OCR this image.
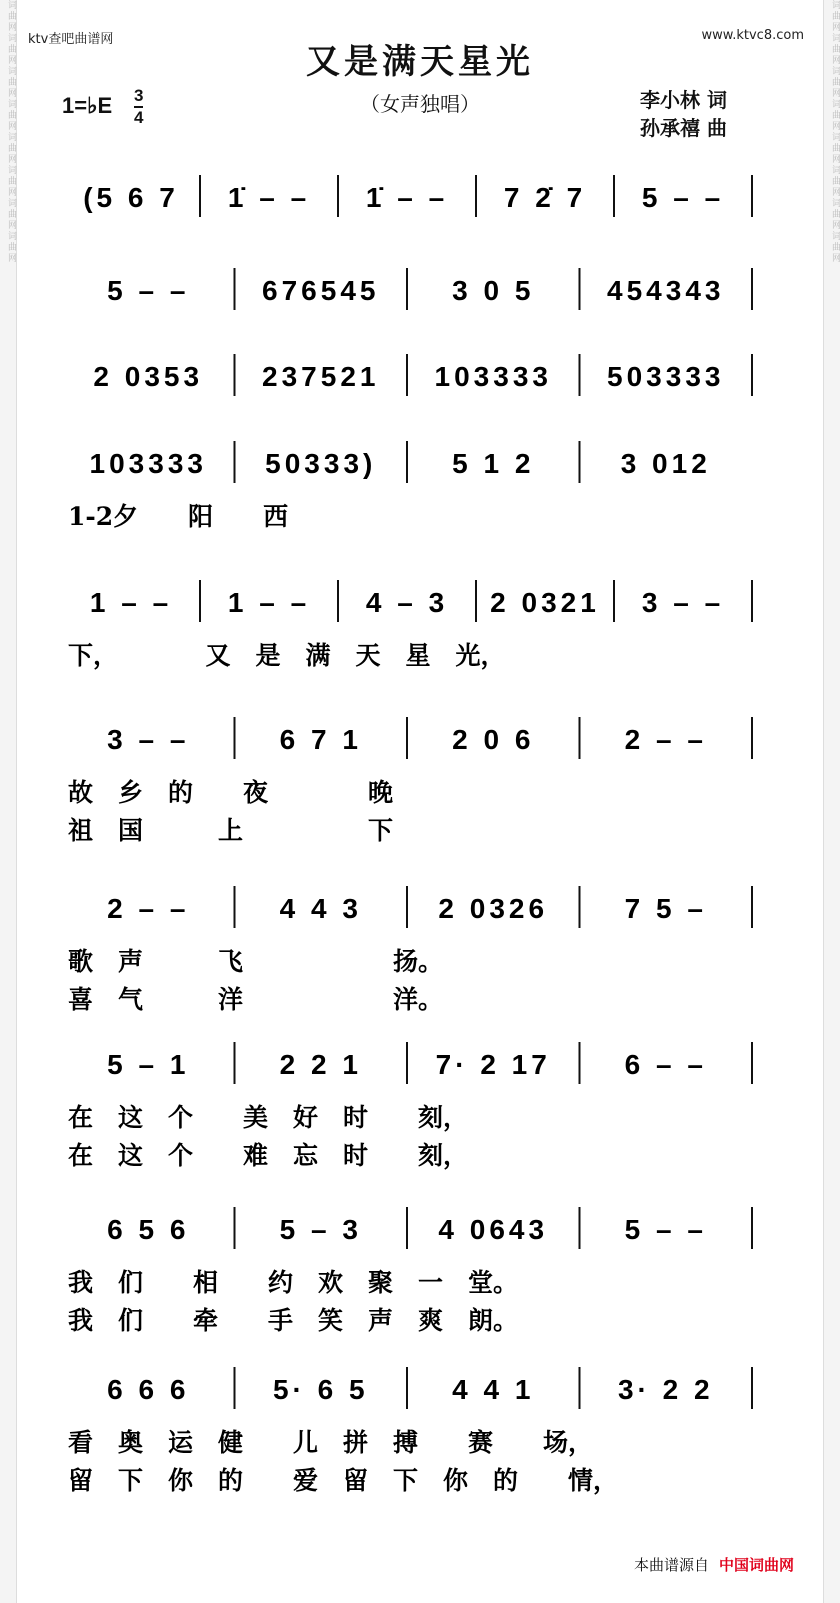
词曲网词曲网词曲网词曲网词曲网词曲网词曲网词曲网	词曲网词曲网词曲网词曲网词曲网词曲网词曲网词曲网
ktv查吧曲谱网	www.ktvc8.com
又是满天星光
（女声独唱）
1=♭E 3
4
李小林 词
孙承禧 曲
(5 6 7 1̇ – – 1̇ – – 7 2̇ 7 5 – –
5 – –	676545	3 0 5	454343
2 0353 237521 103333 503333
103333 50333)	5 1 2	3 012
1-2夕　　阳　　西
1 – – 1 – – 4 – 3 2 0321 3 – –
下，　　　　又　是　满　天　星　光，
3 – –	6 7 1	2 0 6	2 – –
故　乡　的　　夜　　　　晚
祖　国　　　上　　　　　下
2 – –	4 4 3	2 0326	7 5 –
歌　声　　　飞　　　　　　扬。
喜　气　　　洋　　　　　　洋。
5 – 1	2 2 1	7· 2 17	6 – –
在　这　个　　美　好　时　　刻，
在　这　个　　难　忘　时　　刻，
6 5 6	5 – 3	4 0643	5 – –
我　们　　相　　约　欢　聚　一　堂。
我　们　　牵　　手　笑　声　爽　朗。
6 6 6	5· 6 5	4 4 1	3· 2 2
看　奥　运　健　　儿　拼　搏　　赛　　场，
留　下　你　的　　爱　留　下　你　的　　情，
本曲谱源自 中国词曲网
